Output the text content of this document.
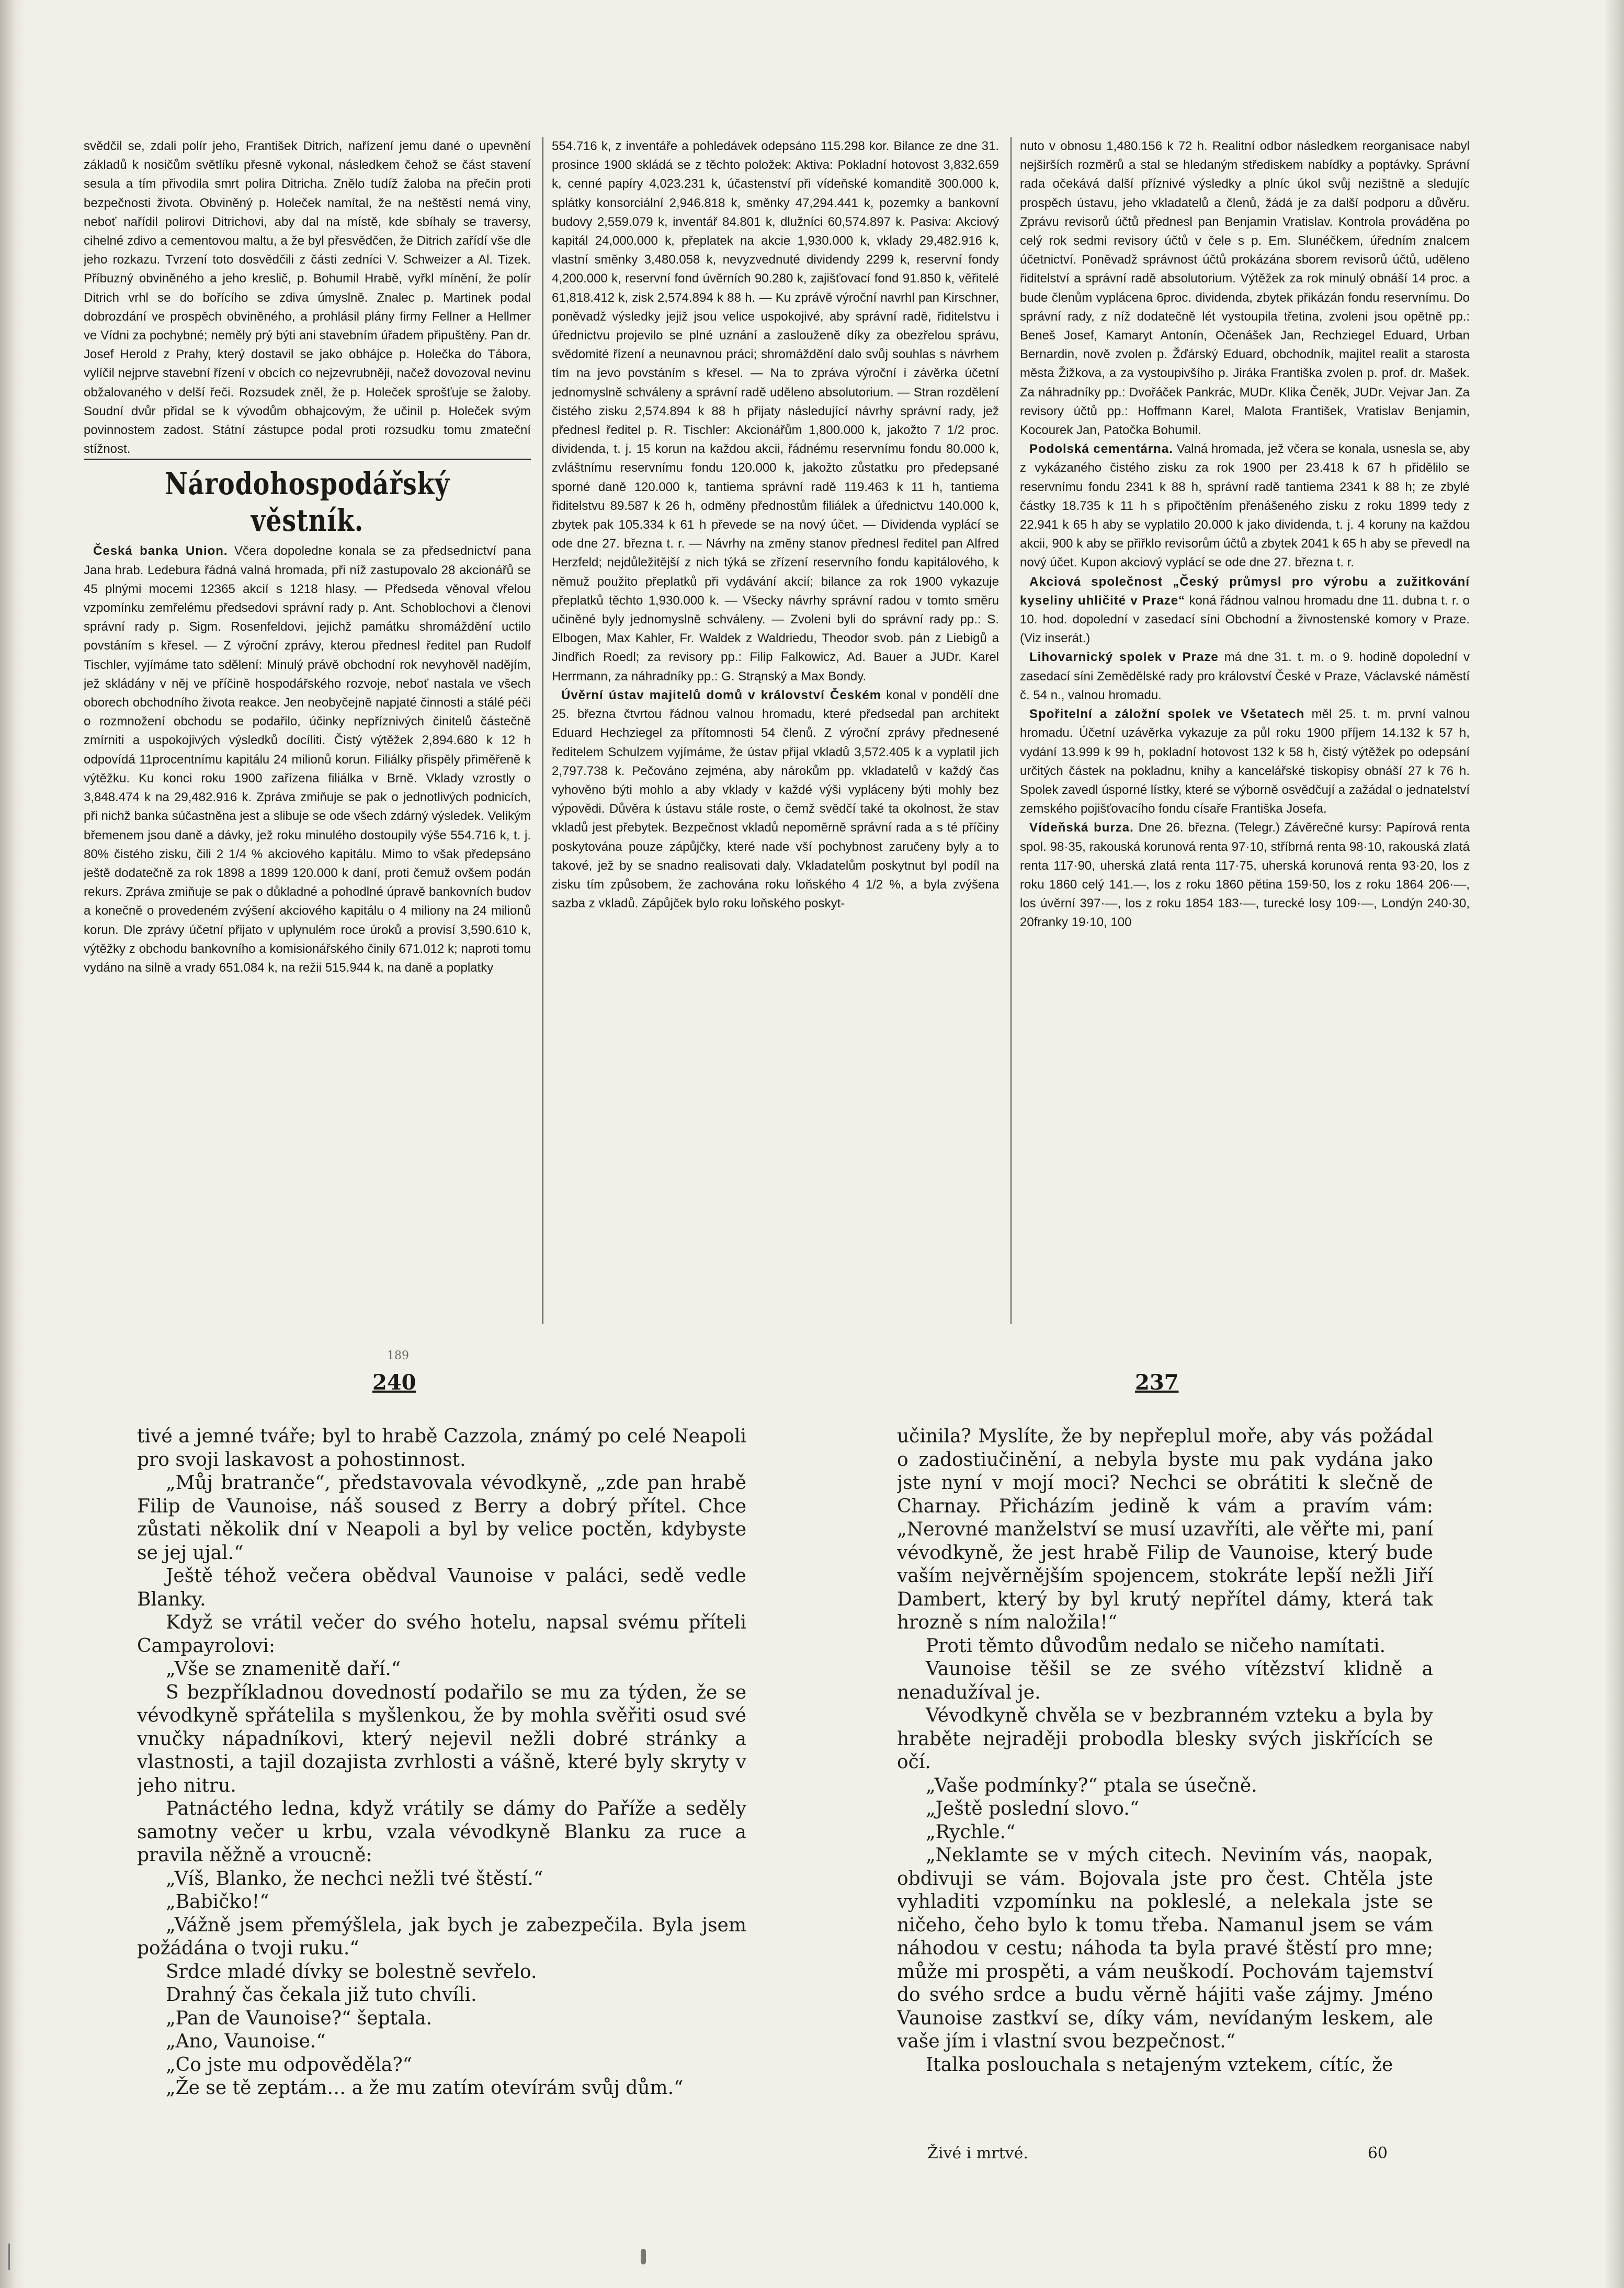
svědčil se, zdali polír jeho, František Ditrich, nařízení jemu dané o upevnění základů k nosičům světlíku přesně vykonal, následkem čehož se část stavení sesula a tím přivodila smrt polira Ditricha. Znělo tudíž žaloba na přečin proti bezpečnosti života. Obviněný p. Holeček namítal, že na neštěstí nemá viny, neboť nařídil polirovi Ditrichovi, aby dal na místě, kde sbíhaly se traversy, cihelné zdivo a cementovou maltu, a že byl přesvědčen, že Ditrich zařídí vše dle jeho rozkazu. Tvrzení toto dosvědčili z části zedníci V. Schweizer a Al. Tizek. Příbuzný obviněného a jeho kreslič, p. Bohumil Hrabě, vyřkl mínění, že polír Ditrich vrhl se do bořícího se zdiva úmyslně. Znalec p. Martinek podal dobrozdání ve prospěch obviněného, a prohlásil plány firmy Fellner a Hellmer ve Vídni za pochybné; neměly prý býti ani stavebním úřadem připuštěny. Pan dr. Josef Herold z Prahy, který dostavil se jako obhájce p. Holečka do Tábora, vylíčil nejprve stavební řízení v obcích co nejzevrubněji, načež dovozoval nevinu obžalovaného v delší řeči. Rozsudek zněl, že p. Holeček sprošťuje se žaloby. Soudní dvůr přidal se k vývodům obhajcovým, že učinil p. Holeček svým povinnostem zadost. Státní zástupce podal proti rozsudku tomu zmateční stížnost.

Národohospodářský věstník.

Česká banka Union. Včera dopoledne konala se za předsednictví pana Jana hrab. Ledebura řádná valná hromada, při níž zastupovalo 28 akcionářů se 45 plnými mocemi 12365 akcií s 1218 hlasy. — Předseda věnoval vřelou vzpomínku zemřelému předsedovi správní rady p. Ant. Schoblochovi a členovi správní rady p. Sigm. Rosenfeldovi, jejichž památku shromáždění uctilo povstáním s křesel. — Z výroční zprávy, kterou přednesl ředitel pan Rudolf Tischler, vyjímáme tato sdělení: Minulý právě obchodní rok nevyhověl nadějím, jež skládány v něj ve příčině hospodářského rozvoje, neboť nastala ve všech oborech obchodního života reakce. Jen neobyčejně napjaté činnosti a stálé péči o rozmnožení obchodu se podařilo, účinky nepříznivých činitelů částečně zmírniti a uspokojivých výsledků docíliti. Čistý výtěžek 2,894.680 k 12 h odpovídá 11procentnímu kapitálu 24 milionů korun. Filiálky přispěly přiměřeně k výtěžku. Ku konci roku 1900 zařízena filiálka v Brně. Vklady vzrostly o 3,848.474 k na 29,482.916 k. Zpráva zmiňuje se pak o jednotlivých podnicích, při nichž banka súčastněna jest a slibuje se ode všech zdárný výsledek. Velikým břemenem jsou daně a dávky, jež roku minulého dostoupily výše 554.716 k, t. j. 80% čistého zisku, čili 2 1/4 % akciového kapitálu. Mimo to však předepsáno ještě dodatečně za rok 1898 a 1899 120.000 k daní, proti čemuž ovšem podán rekurs. Zpráva zmiňuje se pak o důkladné a pohodlné úpravě bankovních budov a konečně o provedeném zvýšení akciového kapitálu o 4 miliony na 24 milionů korun. Dle zprávy účetní přijato v uplynulém roce úroků a provisí 3,590.610 k, výtěžky z obchodu bankovního a komisionářského činily 671.012 k; naproti tomu vydáno na silně a vrady 651.084 k, na režii 515.944 k, na daně a poplatky

554.716 k, z inventáře a pohledávek odepsáno 115.298 kor. Bilance ze dne 31. prosince 1900 skládá se z těchto položek: Aktiva: Pokladní hotovost 3,832.659 k, cenné papíry 4,023.231 k, účastenství při vídeňské komanditě 300.000 k, splátky konsorciální 2,946.818 k, směnky 47,294.441 k, pozemky a bankovní budovy 2,559.079 k, inventář 84.801 k, dlužníci 60,574.897 k. Pasiva: Akciový kapitál 24,000.000 k, přeplatek na akcie 1,930.000 k, vklady 29,482.916 k, vlastní směnky 3,480.058 k, nevyzvednuté dividendy 2299 k, reservní fondy 4,200.000 k, reservní fond úvěrních 90.280 k, zajišťovací fond 91.850 k, věřitelé 61,818.412 k, zisk 2,574.894 k 88 h. — Ku zprávě výroční navrhl pan Kirschner, poněvadž výsledky jejiž jsou velice uspokojivé, aby správní radě, řiditelstvu i úřednictvu projevilo se plné uznání a zaslouženě díky za obezřelou správu, svědomité řízení a neunavnou práci; shromáždění dalo svůj souhlas s návrhem tím na jevo povstáním s křesel. — Na to zpráva výroční i závěrka účetní jednomyslně schváleny a správní radě uděleno absolutorium. — Stran rozdělení čistého zisku 2,574.894 k 88 h přijaty následující návrhy správní rady, jež přednesl ředitel p. R. Tischler: Akcionářům 1,800.000 k, jakožto 7 1/2 proc. dividenda, t. j. 15 korun na každou akcii, řádnému reservnímu fondu 80.000 k, zvláštnímu reservnímu fondu 120.000 k, jakožto zůstatku pro předepsané sporné daně 120.000 k, tantiema správní radě 119.463 k 11 h, tantiema řiditelstvu 89.587 k 26 h, odměny přednostům filiálek a úřednictvu 140.000 k, zbytek pak 105.334 k 61 h převede se na nový účet. — Dividenda vyplácí se ode dne 27. března t. r. — Návrhy na změny stanov přednesl ředitel pan Alfred Herzfeld; nejdůležitější z nich týká se zřízení reservního fondu kapitálového, k němuž použito přeplatků při vydávání akcií; bilance za rok 1900 vykazuje přeplatků těchto 1,930.000 k. — Všecky návrhy správní radou v tomto směru učiněné byly jednomyslně schváleny. — Zvoleni byli do správní rady pp.: S. Elbogen, Max Kahler, Fr. Waldek z Waldriedu, Theodor svob. pán z Liebigů a Jindřich Roedl; za revisory pp.: Filip Falkowicz, Ad. Bauer a JUDr. Karel Herrmann, za náhradníky pp.: G. Strąnský a Max Bondy.

Úvěrní ústav majitelů domů v království Českém konal v pondělí dne 25. března čtvrtou řádnou valnou hromadu, které předsedal pan architekt Eduard Hechziegel za přítomnosti 54 členů. Z výroční zprávy přednesené ředitelem Schulzem vyjímáme, že ústav přijal vkladů 3,572.405 k a vyplatil jich 2,797.738 k. Pečováno zejména, aby nárokům pp. vkladatelů v každý čas vyhověno býti mohlo a aby vklady v každé výši vypláceny býti mohly bez výpovědi. Důvěra k ústavu stále roste, o čemž svědčí také ta okolnost, že stav vkladů jest přebytek. Bezpečnost vkladů nepoměrně správní rada a s té příčiny poskytována pouze zápůjčky, které nade vší pochybnost zaručeny byly a to takové, jež by se snadno realisovati daly. Vkladatelům poskytnut byl podíl na zisku tím způsobem, že zachována roku loňského 4 1/2 %, a byla zvýšena sazba z vkladů. Zápůjček bylo roku loňského poskyt-

nuto v obnosu 1,480.156 k 72 h. Realitní odbor následkem reorganisace nabyl nejširších rozměrů a stal se hledaným střediskem nabídky a poptávky. Správní rada očekává další příznivé výsledky a plníc úkol svůj nezištně a sledujíc prospěch ústavu, jeho vkladatelů a členů, žádá je za další podporu a důvěru. Zprávu revisorů účtů přednesl pan Benjamin Vratislav. Kontrola prováděna po celý rok sedmi revisory účtů v čele s p. Em. Slunéčkem, úředním znalcem účetnictví. Poněvadž správnost účtů prokázána sborem revisorů účtů, uděleno řiditelství a správní radě absolutorium. Výtěžek za rok minulý obnáší 14 proc. a bude členům vyplácena 6proc. dividenda, zbytek přikázán fondu reservnímu. Do správní rady, z níž dodatečně lét vystoupila třetina, zvoleni jsou opětně pp.: Beneš Josef, Kamaryt Antonín, Očenášek Jan, Rechziegel Eduard, Urban Bernardin, nově zvolen p. Žďárský Eduard, obchodník, majitel realit a starosta města Žižkova, a za vystoupivšího p. Jiráka Františka zvolen p. prof. dr. Mašek. Za náhradníky pp.: Dvořáček Pankrác, MUDr. Klika Čeněk, JUDr. Vejvar Jan. Za revisory účtů pp.: Hoffmann Karel, Malota František, Vratislav Benjamin, Kocourek Jan, Patočka Bohumil.

Podolská cementárna. Valná hromada, jež včera se konala, usnesla se, aby z vykázaného čistého zisku za rok 1900 per 23.418 k 67 h přidělilo se reservnímu fondu 2341 k 88 h, správní radě tantiema 2341 k 88 h; ze zbylé částky 18.735 k 11 h s připočtěním přenášeného zisku z roku 1899 tedy z 22.941 k 65 h aby se vyplatilo 20.000 k jako dividenda, t. j. 4 koruny na každou akcii, 900 k aby se přiřklo revisorům účtů a zbytek 2041 k 65 h aby se převedl na nový účet. Kupon akciový vyplácí se ode dne 27. března t. r.

Akciová společnost „Český průmysl pro výrobu a zužitkování kyseliny uhličité v Praze“ koná řádnou valnou hromadu dne 11. dubna t. r. o 10. hod. dopolední v zasedací síni Obchodní a živnostenské komory v Praze. (Viz inserát.)

Lihovarnický spolek v Praze má dne 31. t. m. o 9. hodině dopolední v zasedací síni Zemědělské rady pro království České v Praze, Václavské náměstí č. 54 n., valnou hromadu.

Spořitelní a záložní spolek ve Všetatech měl 25. t. m. první valnou hromadu. Účetní uzávěrka vykazuje za půl roku 1900 příjem 14.132 k 57 h, vydání 13.999 k 99 h, pokladní hotovost 132 k 58 h, čistý výtěžek po odepsání určitých částek na pokladnu, knihy a kancelářské tiskopisy obnáší 27 k 76 h. Spolek zavedl úsporné lístky, které se výborně osvědčují a zažádal o jednatelství zemského pojišťovacího fondu císaře Františka Josefa.

Vídeňská burza. Dne 26. března. (Telegr.) Závěrečné kursy: Papírová renta spol. 98·35, rakouská korunová renta 97·10, stříbrná renta 98·10, rakouská zlatá renta 117·90, uherská zlatá renta 117·75, uherská korunová renta 93·20, los z roku 1860 celý 141.—, los z roku 1860 pětina 159·50, los z roku 1864 206·—, los úvěrní 397·—, los z roku 1854 183·—, turecké losy 109·—, Londýn 240·30, 20franky 19·10, 100

189
240	237

tivé a jemné tváře; byl to hrabě Cazzola, známý po celé Neapoli pro svoji laskavost a pohostinnost.

„Můj bratranče“, představovala vévodkyně, „zde pan hrabě Filip de Vaunoise, náš soused z Berry a dobrý přítel. Chce zůstati několik dní v Neapoli a byl by velice poctěn, kdybyste se jej ujal.“

Ještě téhož večera obědval Vaunoise v paláci, sedě vedle Blanky.

Když se vrátil večer do svého hotelu, napsal svému příteli Campayrolovi:

„Vše se znamenitě daří.“

S bezpříkladnou dovedností podařilo se mu za týden, že se vévodkyně spřátelila s myšlenkou, že by mohla svěřiti osud své vnučky nápadníkovi, který nejevil nežli dobré stránky a vlastnosti, a tajil dozajista zvrhlosti a vášně, které byly skryty v jeho nitru.

Patnáctého ledna, když vrátily se dámy do Paříže a seděly samotny večer u krbu, vzala vévodkyně Blanku za ruce a pravila něžně a vroucně:

„Víš, Blanko, že nechci nežli tvé štěstí.“

„Babičko!“

„Vážně jsem přemýšlela, jak bych je zabezpečila. Byla jsem požádána o tvoji ruku.“

Srdce mladé dívky se bolestně sevřelo.

Drahný čas čekala již tuto chvíli.

„Pan de Vaunoise?“ šeptala.

„Ano, Vaunoise.“

„Co jste mu odpověděla?“

„Že se tě zeptám… a že mu zatím otevírám svůj dům.“

učinila? Myslíte, že by nepřeplul moře, aby vás požádal o zadostiučinění, a nebyla byste mu pak vydána jako jste nyní v mojí moci? Nechci se obrátiti k slečně de Charnay. Přicházím jedině k vám a pravím vám: „Nerovné manželství se musí uzavříti, ale věřte mi, paní vévodkyně, že jest hrabě Filip de Vaunoise, který bude vaším nejvěrnějším spojencem, stokráte lepší nežli Jiří Dambert, který by byl krutý nepřítel dámy, která tak hrozně s ním naložila!“

Proti těmto důvodům nedalo se ničeho namítati.

Vaunoise těšil se ze svého vítězství klidně a nenadužíval je.

Vévodkyně chvěla se v bezbranném vzteku a byla by hraběte nejraději probodla blesky svých jiskřících se očí.

„Vaše podmínky?“ ptala se úsečně.

„Ještě poslední slovo.“

„Rychle.“

„Neklamte se v mých citech. Neviním vás, naopak, obdivuji se vám. Bojovala jste pro čest. Chtěla jste vyhladiti vzpomínku na pokleslé, a nelekala jste se ničeho, čeho bylo k tomu třeba. Namanul jsem se vám náhodou v cestu; náhoda ta byla pravé štěstí pro mne; může mi prospěti, a vám neuškodí. Pochovám tajemství do svého srdce a budu věrně hájiti vaše zájmy. Jméno Vaunoise zastkví se, díky vám, nevídaným leskem, ale vaše jím i vlastní svou bezpečnost.“

Italka poslouchala s netajeným vztekem, cítíc, že

Živé i mrtvé.	60
